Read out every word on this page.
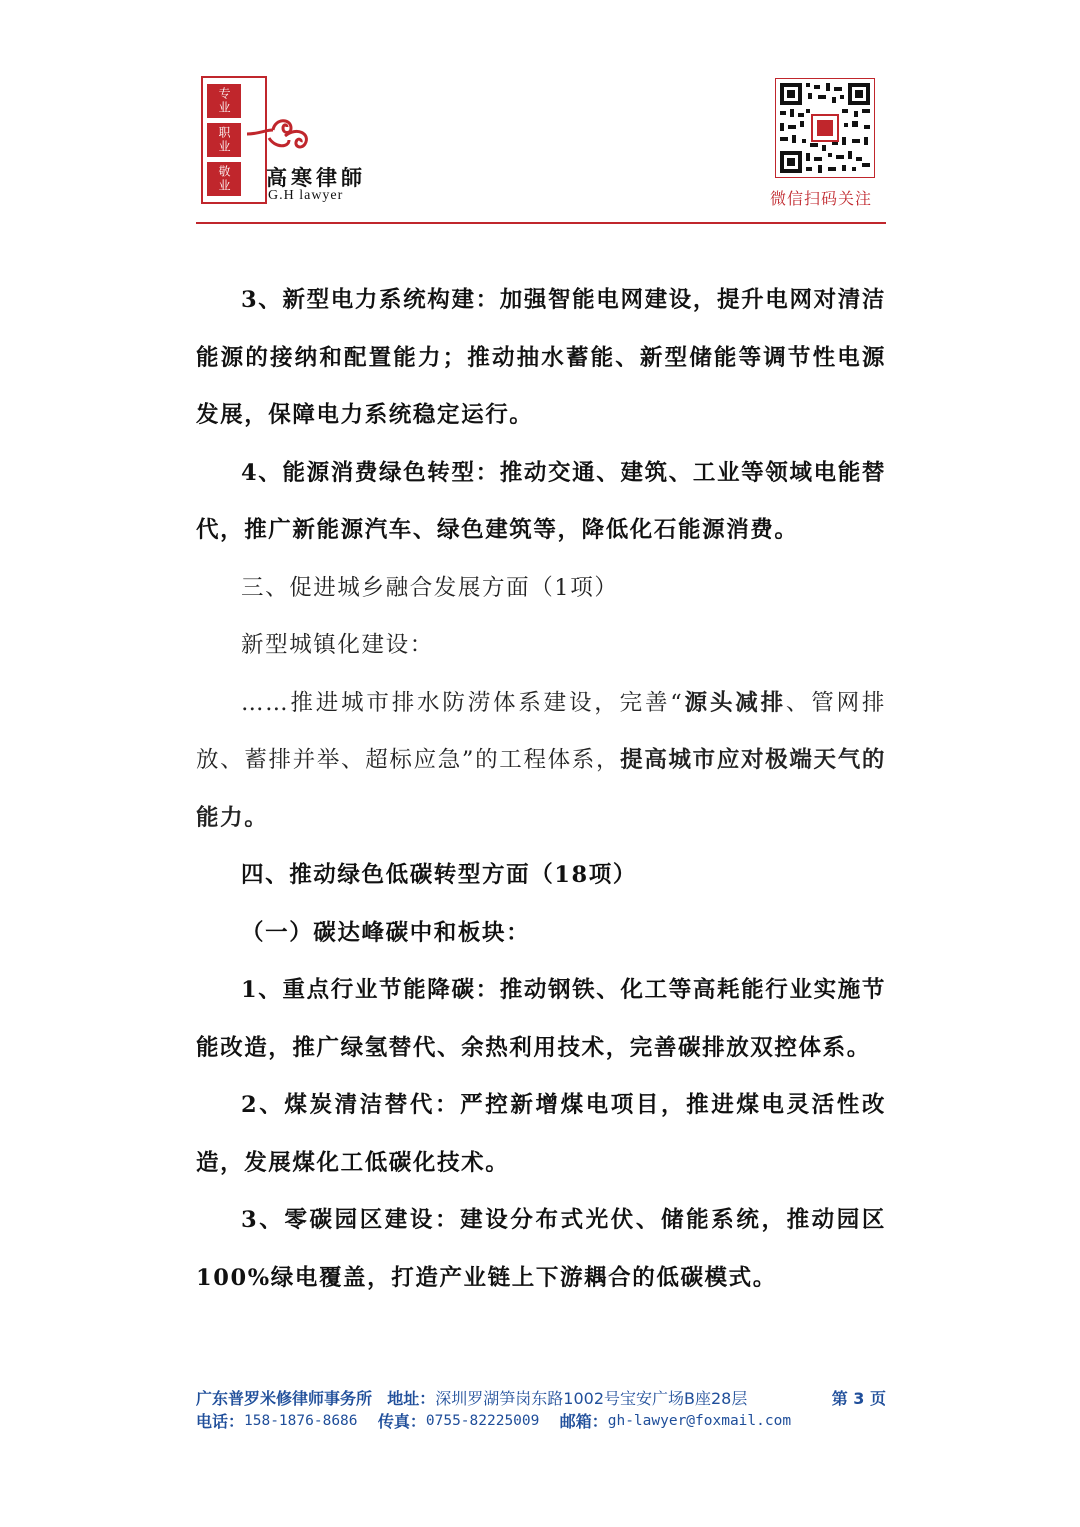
专业
职业
敬业 高寒律師
G.H lawyer	微信扫码关注

3、新型电力系统构建：加强智能电网建设，提升电网对清洁能源的接纳和配置能力；推动抽水蓄能、新型储能等调节性电源发展，保障电力系统稳定运行。

4、能源消费绿色转型：推动交通、建筑、工业等领域电能替代，推广新能源汽车、绿色建筑等，降低化石能源消费。

三、促进城乡融合发展方面（1项）

新型城镇化建设：

……推进城市排水防涝体系建设，完善“源头减排、管网排放、蓄排并举、超标应急”的工程体系，提高城市应对极端天气的能力。

四、推动绿色低碳转型方面（18项）

（一）碳达峰碳中和板块：

1、重点行业节能降碳：推动钢铁、化工等高耗能行业实施节能改造，推广绿氢替代、余热利用技术，完善碳排放双控体系。

2、煤炭清洁替代：严控新增煤电项目，推进煤电灵活性改造，发展煤化工低碳化技术。

3、零碳园区建设：建设分布式光伏、储能系统，推动园区100%绿电覆盖，打造产业链上下游耦合的低碳模式。

广东普罗米修律师事务所 地址：深圳罗湖笋岗东路1002号宝安广场B座28层	第 3 页
电话： 158-1876-8686
传真： 0755-82225009
邮箱： gh-lawyer@foxmail.com
